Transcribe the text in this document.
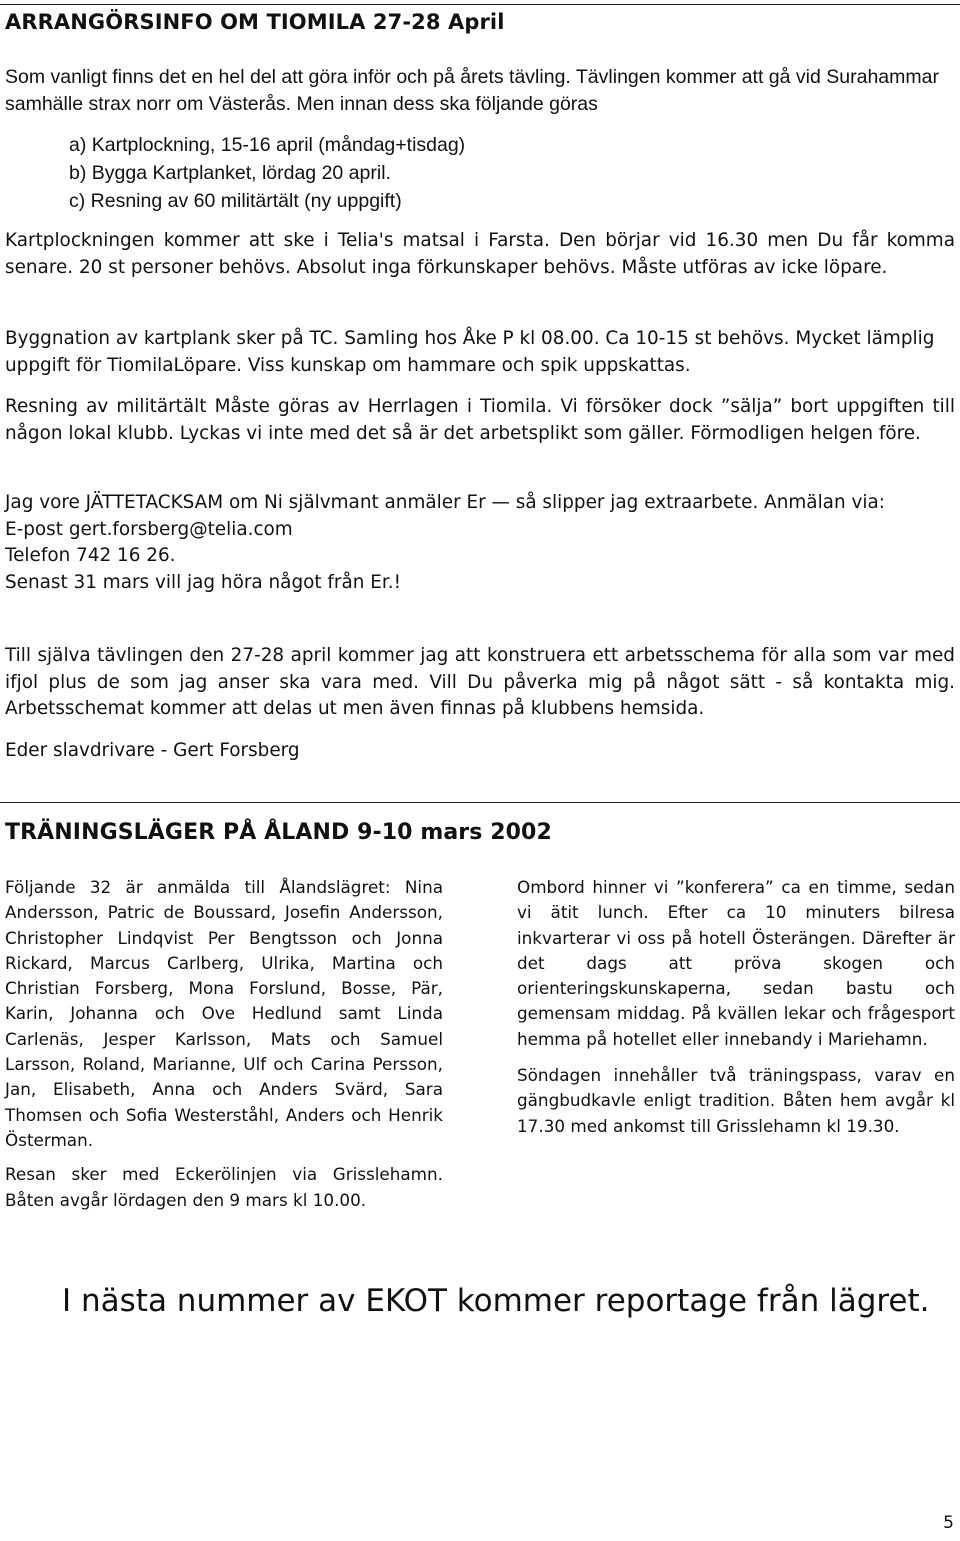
ARRANGÖRSINFO OM TIOMILA 27-28 April

Som vanligt finns det en hel del att göra inför och på årets tävling. Tävlingen kommer att gå vid Surahammar samhälle strax norr om Västerås. Men innan dess ska följande göras

a) Kartplockning, 15-16 april (måndag+tisdag)
b) Bygga Kartplanket, lördag 20 april.
c) Resning av 60 militärtält (ny uppgift)

Kartplockningen kommer att ske i Telia's matsal i Farsta. Den börjar vid 16.30 men Du får komma senare. 20 st personer behövs. Absolut inga förkunskaper behövs. Måste utföras av icke löpare.

Byggnation av kartplank sker på TC. Samling hos Åke P kl 08.00. Ca 10-15 st behövs. Mycket lämplig uppgift för TiomilaLöpare. Viss kunskap om hammare och spik uppskattas.

Resning av militärtält Måste göras av Herrlagen i Tiomila. Vi försöker dock ”sälja” bort uppgiften till någon lokal klubb. Lyckas vi inte med det så är det arbetsplikt som gäller. Förmodligen helgen före.

Jag vore JÄTTETACKSAM om Ni självmant anmäler Er — så slipper jag extraarbete. Anmälan via:
E-post gert.forsberg@telia.com
Telefon 742 16 26.
Senast 31 mars vill jag höra något från Er.!

Till själva tävlingen den 27-28 april kommer jag att konstruera ett arbetsschema för alla som var med ifjol plus de som jag anser ska vara med. Vill Du påverka mig på något sätt - så kontakta mig. Arbetsschemat kommer att delas ut men även finnas på klubbens hemsida.

Eder slavdrivare - Gert Forsberg

TRÄNINGSLÄGER PÅ ÅLAND 9-10 mars 2002

Följande 32 är anmälda till Ålandslägret: Nina Andersson, Patric de Boussard, Josefin Andersson, Christopher Lindqvist Per Bengtsson och Jonna Rickard, Marcus Carlberg, Ulrika, Martina och Christian Forsberg, Mona Forslund, Bosse, Pär, Karin, Johanna och Ove Hedlund samt Linda Carlenäs, Jesper Karlsson, Mats och Samuel Larsson, Roland, Marianne, Ulf och Carina Persson, Jan, Elisabeth, Anna och Anders Svärd, Sara Thomsen och Sofia Westerståhl, Anders och Henrik Österman.

Resan sker med Eckerölinjen via Grisslehamn. Båten avgår lördagen den 9 mars kl 10.00.

Ombord hinner vi ”konferera” ca en timme, sedan vi ätit lunch. Efter ca 10 minuters bilresa inkvarterar vi oss på hotell Österängen. Därefter är det dags att pröva skogen och orienteringskunskaperna, sedan bastu och gemensam middag. På kvällen lekar och frågesport hemma på hotellet eller innebandy i Mariehamn.

Söndagen innehåller två träningspass, varav en gängbudkavle enligt tradition. Båten hem avgår kl 17.30 med ankomst till Grisslehamn kl 19.30.

I nästa nummer av EKOT kommer reportage från lägret.

5
